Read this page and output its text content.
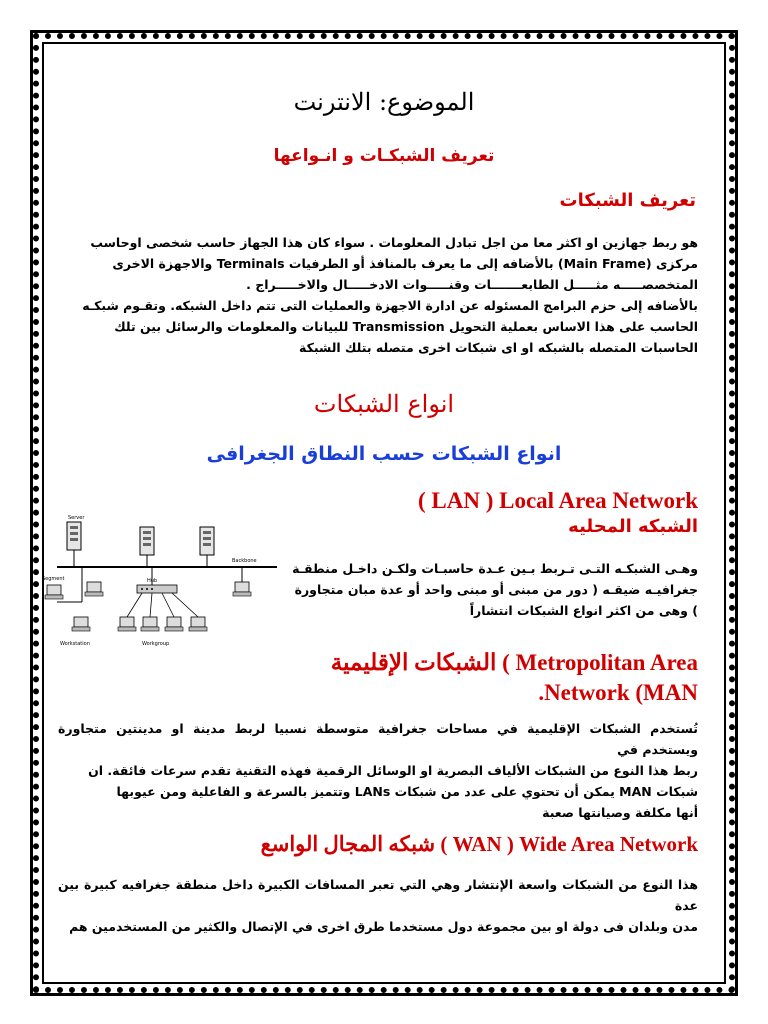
الموضوع: الانترنت
تعريف الشبكـات و انـواعها
تعريف الشبكات

هو ربط جهازين او اكثر معا من اجل تبادل المعلومات . سواء كان هذا الجهاز حاسب شخصى اوحاسب

مركزى (Main Frame) بالأضافه إلى ما يعرف بالمنافذ أو الطرفيات Terminals والاجهزة الاخرى

المتخصصـــــه مثـــــل الطابعـــــــات وقنـــــوات الادخـــــال والاخـــــراج .

بالأضافه إلى حزم البرامج المسئوله عن ادارة الاجهزة والعمليات التى تتم داخل الشبكه. وتقـوم شبكـه

الحاسب على هذا الاساس بعملية التحويل Transmission للبيانات والمعلومات والرسائل بين تلك

الحاسبات المتصله بالشبكه او اى شبكات اخرى متصله بتلك الشبكة

انواع الشبكات
انواع الشبكات حسب النطاق الجغرافى
( LAN ) Local Area Network
الشبكه المحليه

وهـى الشبكـه التـى تـربط بـين عـدة حاسبـات ولكـن داخـل منطقـة

جغرافيـه ضيقـه ( دور من مبنى أو مبنى واحد أو عدة مبان متجاورة

) وهى من اكثر انواع الشبكات انتشاراً

Server
Backbone
Segment
Workstation
Hub
Workgroup
الشبكات الإقليمية ( Metropolitan Area
.Network (MAN

تُستخدم الشبكات الإقليمية في مساحات جغرافية متوسطة نسبيا لربط مدينة او مدينتين متجاورة ويستخدم في

ربط هذا النوع من الشبكات الألياف البصرية او الوسائل الرقمية فهذه التقنية تقدم سرعات فائقة. ان

شبكات MAN يمكن أن تحتوي على عدد من شبكات LANs وتتميز بالسرعة و الفاعلية ومن عيوبها

أنها مكلفة وصيانتها صعبة

شبكه المجال الواسع ( WAN ) Wide Area Network

هذا النوع من الشبكات واسعة الإنتشار وهي التي تعبر المسافات الكبيرة داخل منطقة جغرافيه كبيرة بين عدة

مدن وبلدان فى دولة او بين مجموعة دول مستخدما طرق اخرى في الإتصال والكثير من المستخدمين هم
